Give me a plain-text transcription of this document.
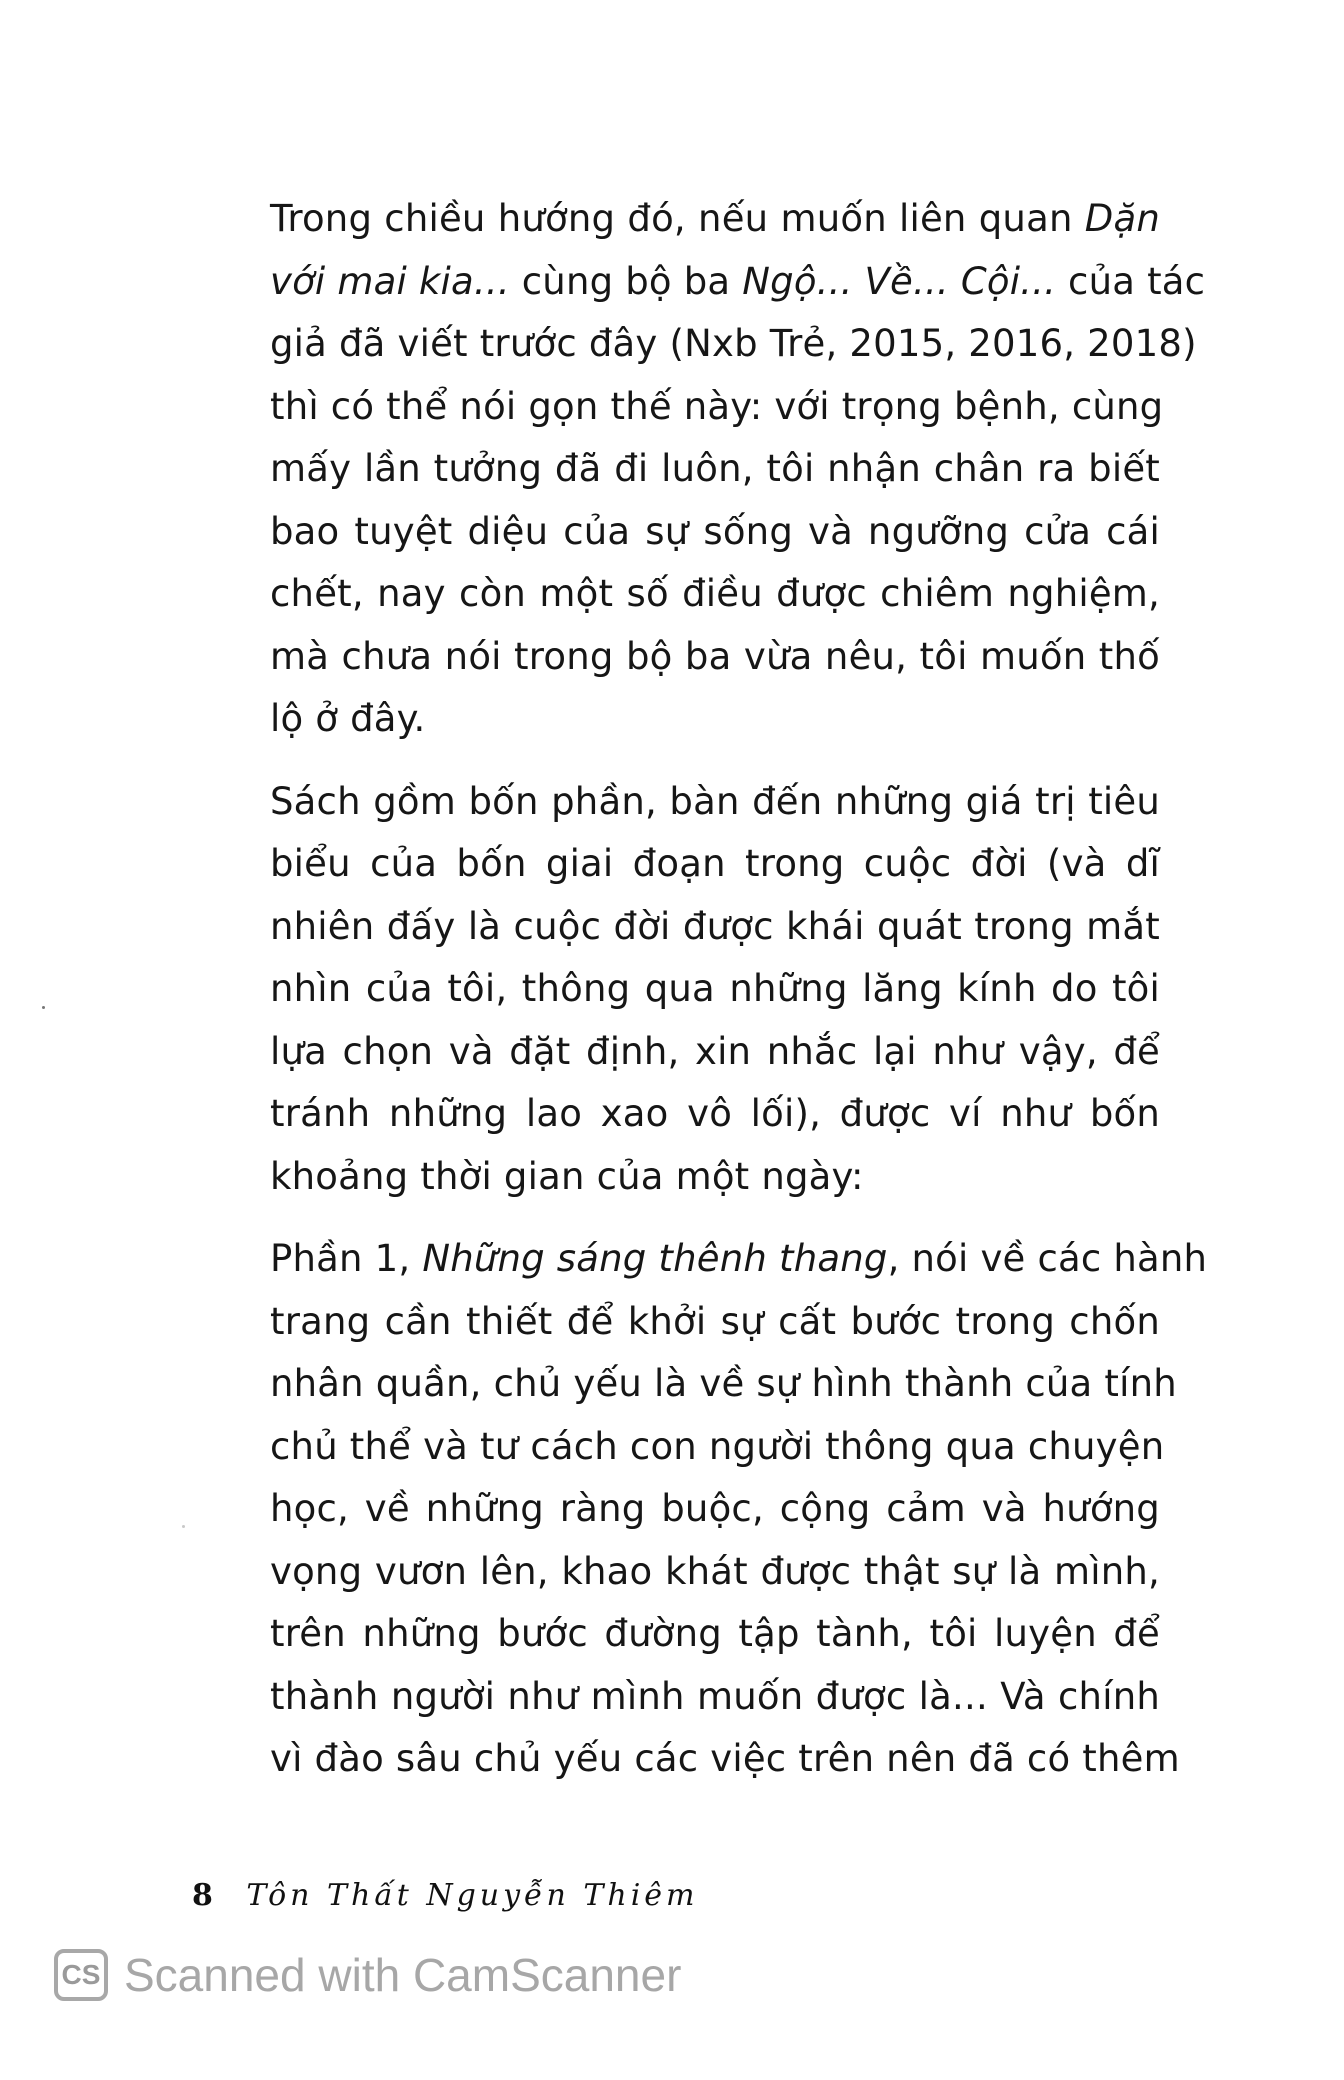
Trong chiều hướng đó, nếu muốn liên quan Dặn
với mai kia... cùng bộ ba Ngộ... Về... Cội... của tác
giả đã viết trước đây (Nxb Trẻ, 2015, 2016, 2018)
thì có thể nói gọn thế này: với trọng bệnh, cùng
mấy lần tưởng đã đi luôn, tôi nhận chân ra biết
bao tuyệt diệu của sự sống và ngưỡng cửa cái
chết, nay còn một số điều được chiêm nghiệm,
mà chưa nói trong bộ ba vừa nêu, tôi muốn thố
lộ ở đây.
Sách gồm bốn phần, bàn đến những giá trị tiêu
biểu của bốn giai đoạn trong cuộc đời (và dĩ
nhiên đấy là cuộc đời được khái quát trong mắt
nhìn của tôi, thông qua những lăng kính do tôi
lựa chọn và đặt định, xin nhắc lại như vậy, để
tránh những lao xao vô lối), được ví như bốn
khoảng thời gian của một ngày:
Phần 1, Những sáng thênh thang, nói về các hành
trang cần thiết để khởi sự cất bước trong chốn
nhân quần, chủ yếu là về sự hình thành của tính
chủ thể và tư cách con người thông qua chuyện
học, về những ràng buộc, cộng cảm và hướng
vọng vươn lên, khao khát được thật sự là mình,
trên những bước đường tập tành, tôi luyện để
thành người như mình muốn được là... Và chính
vì đào sâu chủ yếu các việc trên nên đã có thêm
8 Tôn Thất Nguyễn Thiêm
CS Scanned with CamScanner
